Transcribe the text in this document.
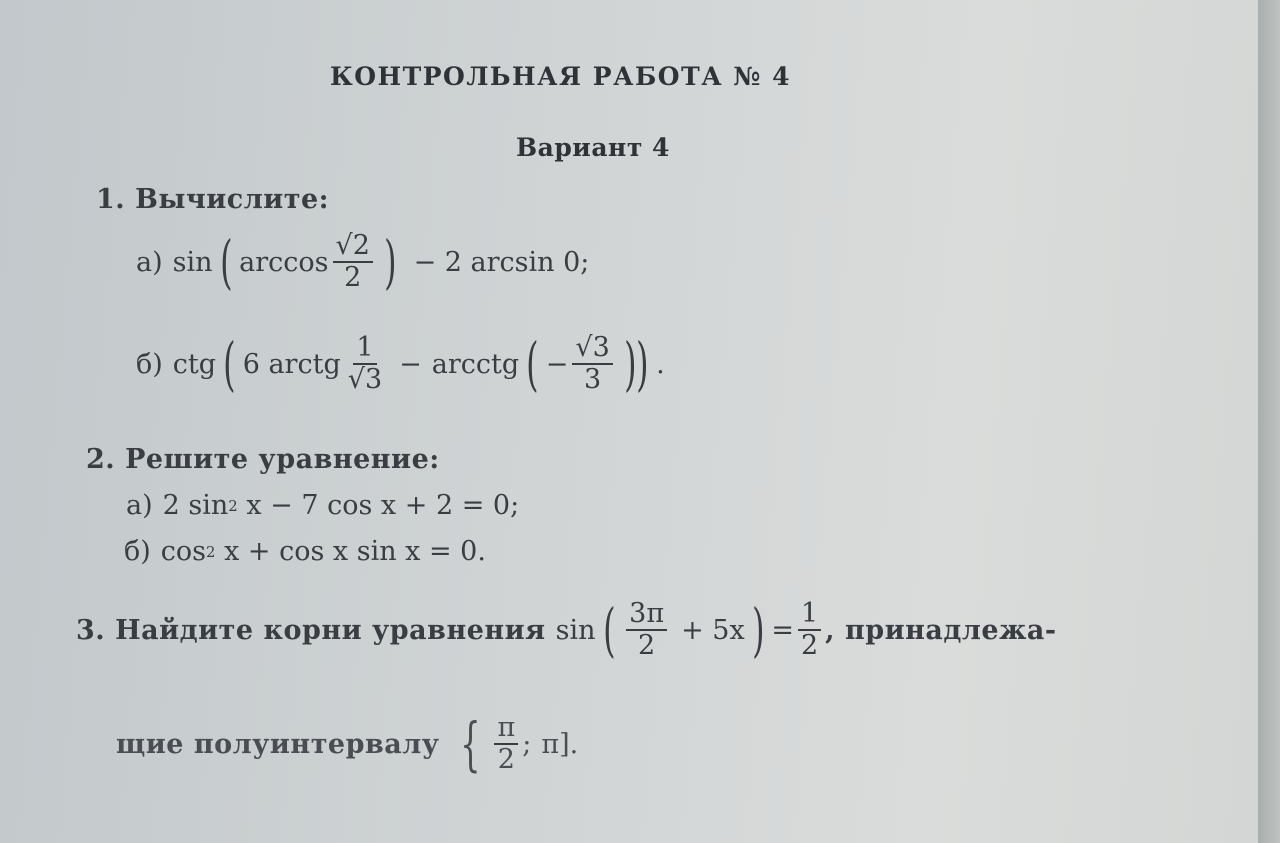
КОНТРОЛЬНАЯ РАБОТА № 4
Вариант 4
1. Вычислите:
а) sin ( $\arccos \frac{√2}{2}$ ) − 2 arcsin 0;
б) ctg ( 6 arctg $\frac{1}{√3}$ − arcctg ( − $\frac{√3}{3}$ ) ) .
2. Решите уравнение:
а) 2 sin 2 x − 7 cos x + 2 = 0;
б) cos 2 x + cos x sin x = 0.
3. Найдите корни уравнения sin ( $\frac{3\pi}{2} + 5x$ ) = $\frac{1}{2}$ , принадлежа-
щие полуинтервалу { $\frac{\pi}{2}$ ; π ].
